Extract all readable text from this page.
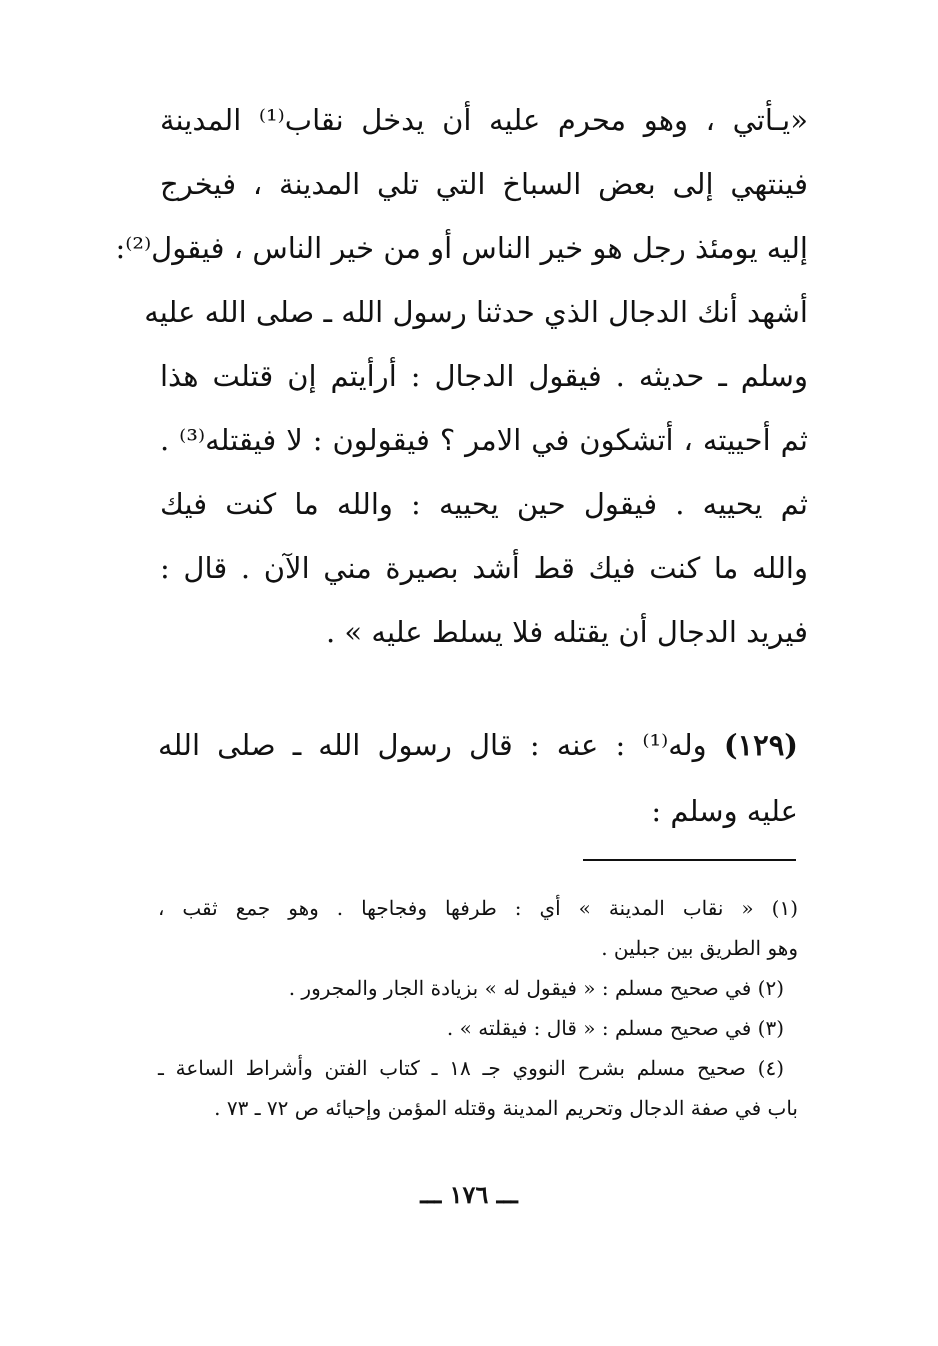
«يـأتي ، وهو محرم عليه أن يدخل نقاب⁽¹⁾ المدينة
فينتهي إلى بعض السباخ التي تلي المدينة ، فيخرج
إليه يومئذ رجل هو خير الناس أو من خير الناس ، فيقول⁽²⁾:
أشهد أنك الدجال الذي حدثنا رسول الله ـ صلى الله عليه
وسلم ـ حديثه . فيقول الدجال : أرأيتم إن قتلت هذا
ثم أحييته ، أتشكون في الامر ؟ فيقولون : لا فيقتله⁽³⁾ .
ثم يحييه . فيقول حين يحييه : والله ما كنت فيك
والله ما كنت فيك قط أشد بصيرة مني الآن . قال :
فيريد الدجال أن يقتله فلا يسلط عليه » .
(١٢٩) وله⁽¹⁾ : عنه : قال رسول الله ـ صلى الله
عليه وسلم :
(١) « نقاب المدينة » أي : طرفها وفجاجها . وهو جمع ثقب ،
وهو الطريق بين جبلين .
(٢) في صحيح مسلم : « فيقول له » بزيادة الجار والمجرور .
(٣) في صحيح مسلم : « قال : فيقلته » .
(٤) صحيح مسلم بشرح النووي جـ ١٨ ـ كتاب الفتن وأشراط الساعة ـ
باب في صفة الدجال وتحريم المدينة وقتله المؤمن وإحيائه ص ٧٢ ـ ٧٣ .
ـــ ١٧٦ ـــ
